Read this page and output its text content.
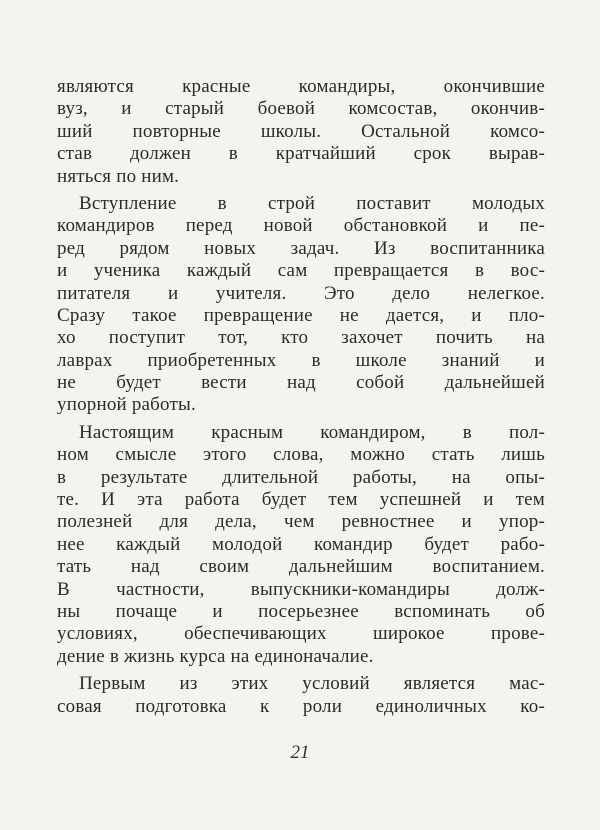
являются красные командиры, окончившие
вуз, и старый боевой комсостав, окончив-
ший повторные школы. Остальной комсо-
став должен в кратчайший срок вырав-
няться по ним.
Вступление в строй поставит молодых
командиров перед новой обстановкой и пе-
ред рядом новых задач. Из воспитанника
и ученика каждый сам превращается в вос-
питателя и учителя. Это дело нелегкое.
Сразу такое превращение не дается, и пло-
хо поступит тот, кто захочет почить на
лаврах приобретенных в школе знаний и
не будет вести над собой дальнейшей
упорной работы.
Настоящим красным командиром, в пол-
ном смысле этого слова, можно стать лишь
в результате длительной работы, на опы-
те. И эта работа будет тем успешней и тем
полезней для дела, чем ревностнее и упор-
нее каждый молодой командир будет рабо-
тать над своим дальнейшим воспитанием.
В частности, выпускники-командиры долж-
ны почаще и посерьезнее вспоминать об
условиях, обеспечивающих широкое прове-
дение в жизнь курса на единоначалие.
Первым из этих условий является мас-
совая подготовка к роли единоличных ко-
21
